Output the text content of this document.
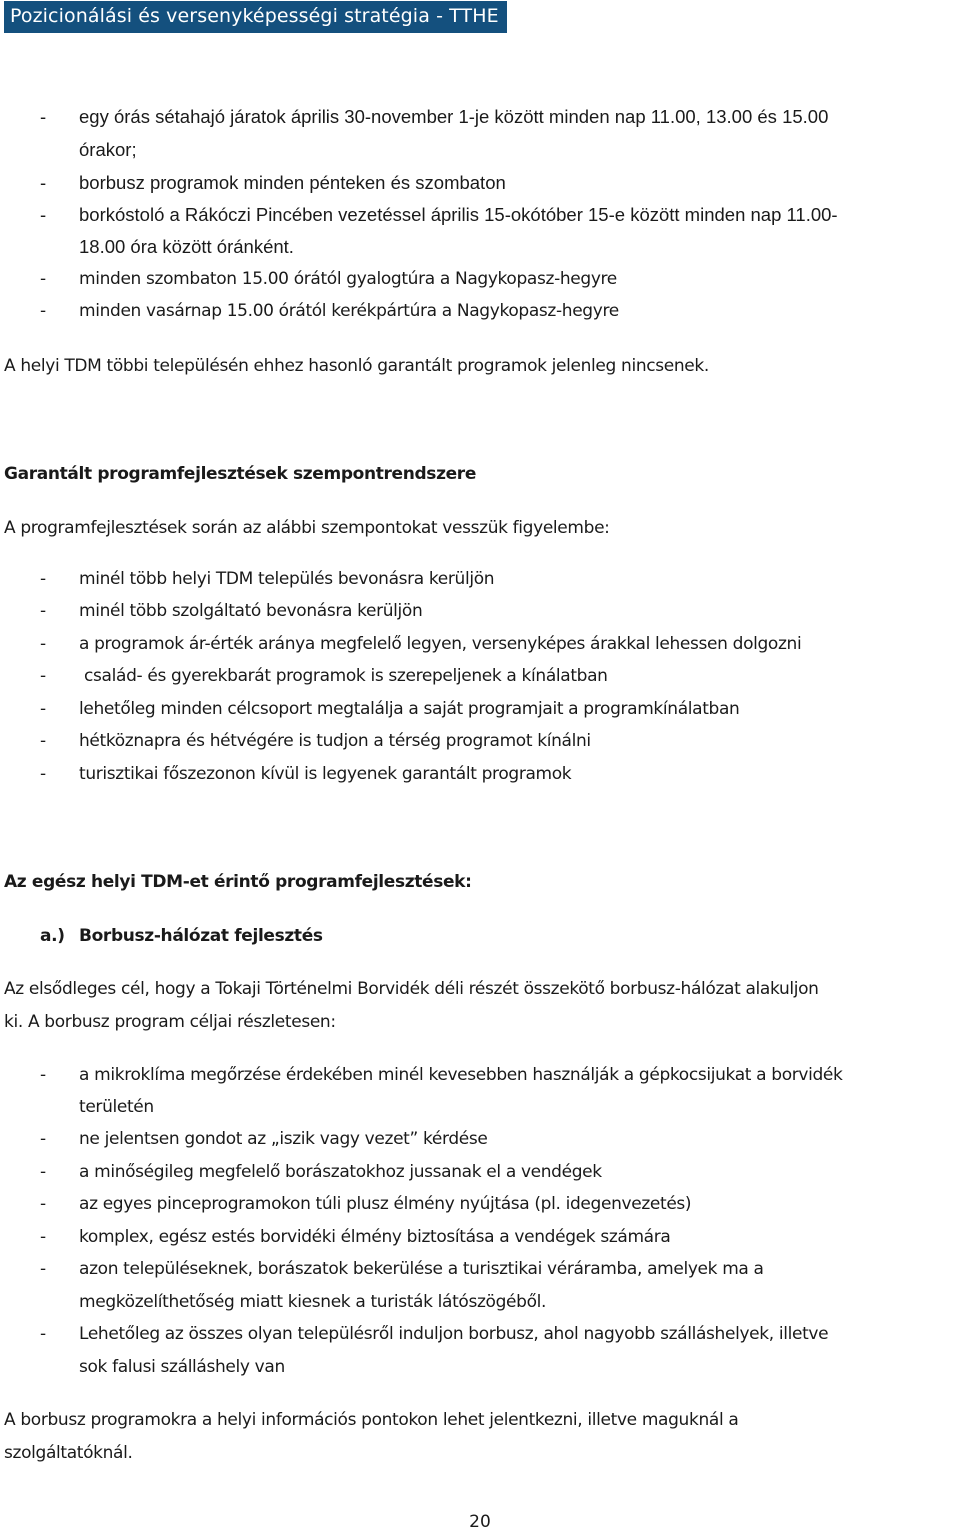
Pozicionálási és versenyképességi stratégia - TTHE
- egy órás sétahajó járatok április 30-november 1-je között minden nap 11.00, 13.00 és 15.00
órakor;
- borbusz programok minden pénteken és szombaton
- borkóstoló a Rákóczi Pincében vezetéssel április 15-okótóber 15-e között minden nap 11.00-
18.00 óra között óránként.
- minden szombaton 15.00 órától gyalogtúra a Nagykopasz-hegyre
- minden vasárnap 15.00 órától kerékpártúra a Nagykopasz-hegyre
A helyi TDM többi településén ehhez hasonló garantált programok jelenleg nincsenek.
Garantált programfejlesztések szempontrendszere
A programfejlesztések során az alábbi szempontokat vesszük figyelembe:
- minél több helyi TDM település bevonásra kerüljön
- minél több szolgáltató bevonásra kerüljön
- a programok ár-érték aránya megfelelő legyen, versenyképes árakkal lehessen dolgozni
- család- és gyerekbarát programok is szerepeljenek a kínálatban
- lehetőleg minden célcsoport megtalálja a saját programjait a programkínálatban
- hétköznapra és hétvégére is tudjon a térség programot kínálni
- turisztikai főszezonon kívül is legyenek garantált programok
Az egész helyi TDM-et érintő programfejlesztések:
a.) Borbusz-hálózat fejlesztés
Az elsődleges cél, hogy a Tokaji Történelmi Borvidék déli részét összekötő borbusz-hálózat alakuljon
ki. A borbusz program céljai részletesen:
- a mikroklíma megőrzése érdekében minél kevesebben használják a gépkocsijukat a borvidék
területén
- ne jelentsen gondot az „iszik vagy vezet” kérdése
- a minőségileg megfelelő borászatokhoz jussanak el a vendégek
- az egyes pinceprogramokon túli plusz élmény nyújtása (pl. idegenvezetés)
- komplex, egész estés borvidéki élmény biztosítása a vendégek számára
- azon településeknek, borászatok bekerülése a turisztikai véráramba, amelyek ma a
megközelíthetőség miatt kiesnek a turisták látószögéből.
- Lehetőleg az összes olyan településről induljon borbusz, ahol nagyobb szálláshelyek, illetve
sok falusi szálláshely van
A borbusz programokra a helyi információs pontokon lehet jelentkezni, illetve maguknál a
szolgáltatóknál.
20
